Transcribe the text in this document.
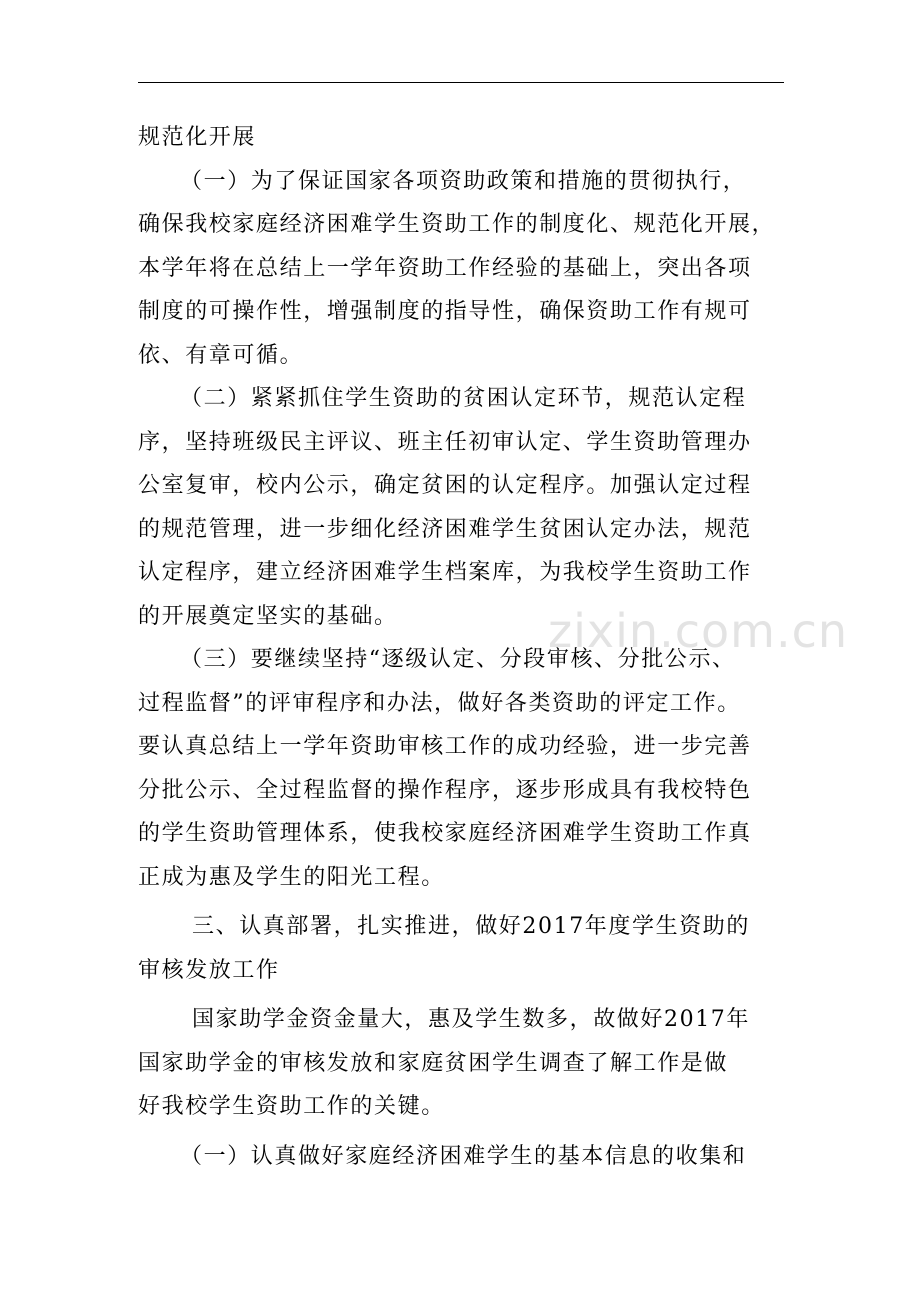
zixin.com.cn
规范化开展
（一）为了保证国家各项资助政策和措施的贯彻执行，
确保我校家庭经济困难学生资助工作的制度化、规范化开展，
本学年将在总结上一学年资助工作经验的基础上，突出各项
制度的可操作性，增强制度的指导性，确保资助工作有规可
依、有章可循。
（二）紧紧抓住学生资助的贫困认定环节，规范认定程
序，坚持班级民主评议、班主任初审认定、学生资助管理办
公室复审，校内公示，确定贫困的认定程序。加强认定过程
的规范管理，进一步细化经济困难学生贫困认定办法，规范
认定程序，建立经济困难学生档案库，为我校学生资助工作
的开展奠定坚实的基础。
（三）要继续坚持“逐级认定、分段审核、分批公示、
过程监督”的评审程序和办法，做好各类资助的评定工作。
要认真总结上一学年资助审核工作的成功经验，进一步完善
分批公示、全过程监督的操作程序，逐步形成具有我校特色
的学生资助管理体系，使我校家庭经济困难学生资助工作真
正成为惠及学生的阳光工程。
三、认真部署，扎实推进，做好2017年度学生资助的
审核发放工作
国家助学金资金量大，惠及学生数多，故做好2017年
国家助学金的审核发放和家庭贫困学生调查了解工作是做
好我校学生资助工作的关键。
（一）认真做好家庭经济困难学生的基本信息的收集和
